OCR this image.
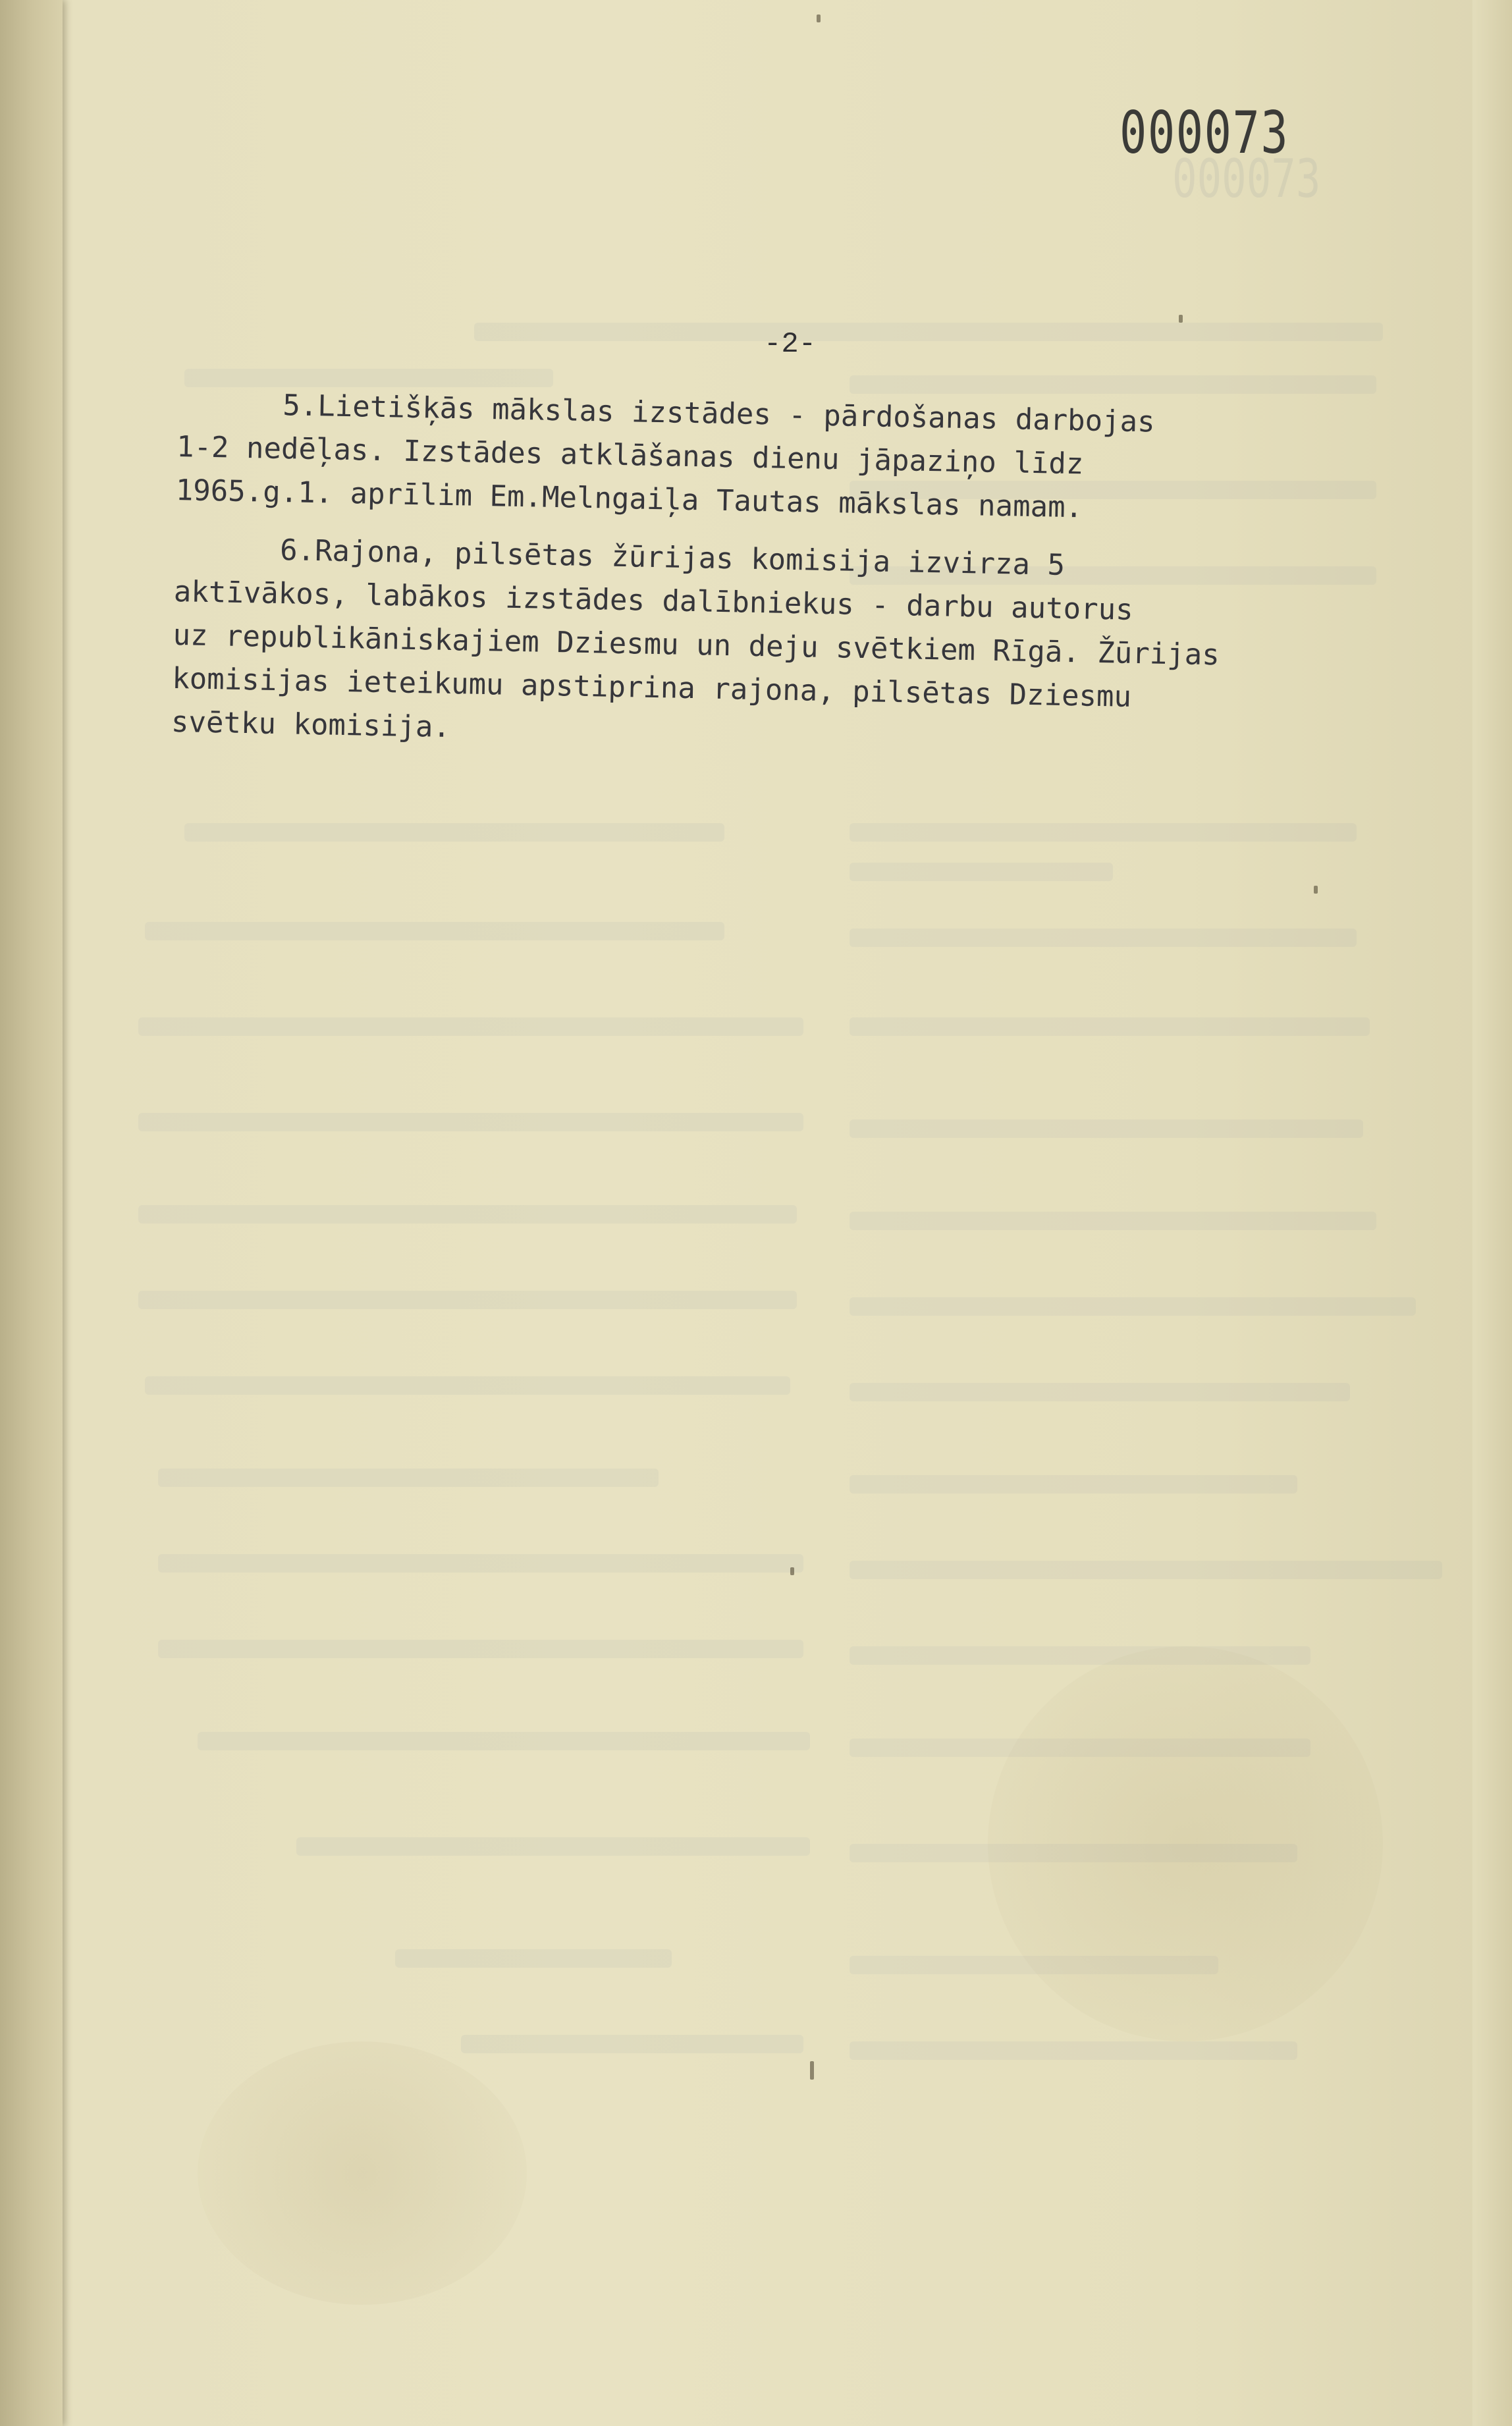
000073
000073
-2-
5.Lietišķās mākslas izstādes - pārdošanas darbojas
1-2 nedēļas. Izstādes atklāšanas dienu jāpaziņo līdz
1965.g.1. aprīlim Em.Melngaiļa Tautas mākslas namam.
6.Rajona, pilsētas žūrijas komisija izvirza 5
aktīvākos, labākos izstādes dalībniekus - darbu autorus
uz republikāniskajiem Dziesmu un deju svētkiem Rīgā. Žūrijas
komisijas ieteikumu apstiprina rajona, pilsētas Dziesmu
svētku komisija.
